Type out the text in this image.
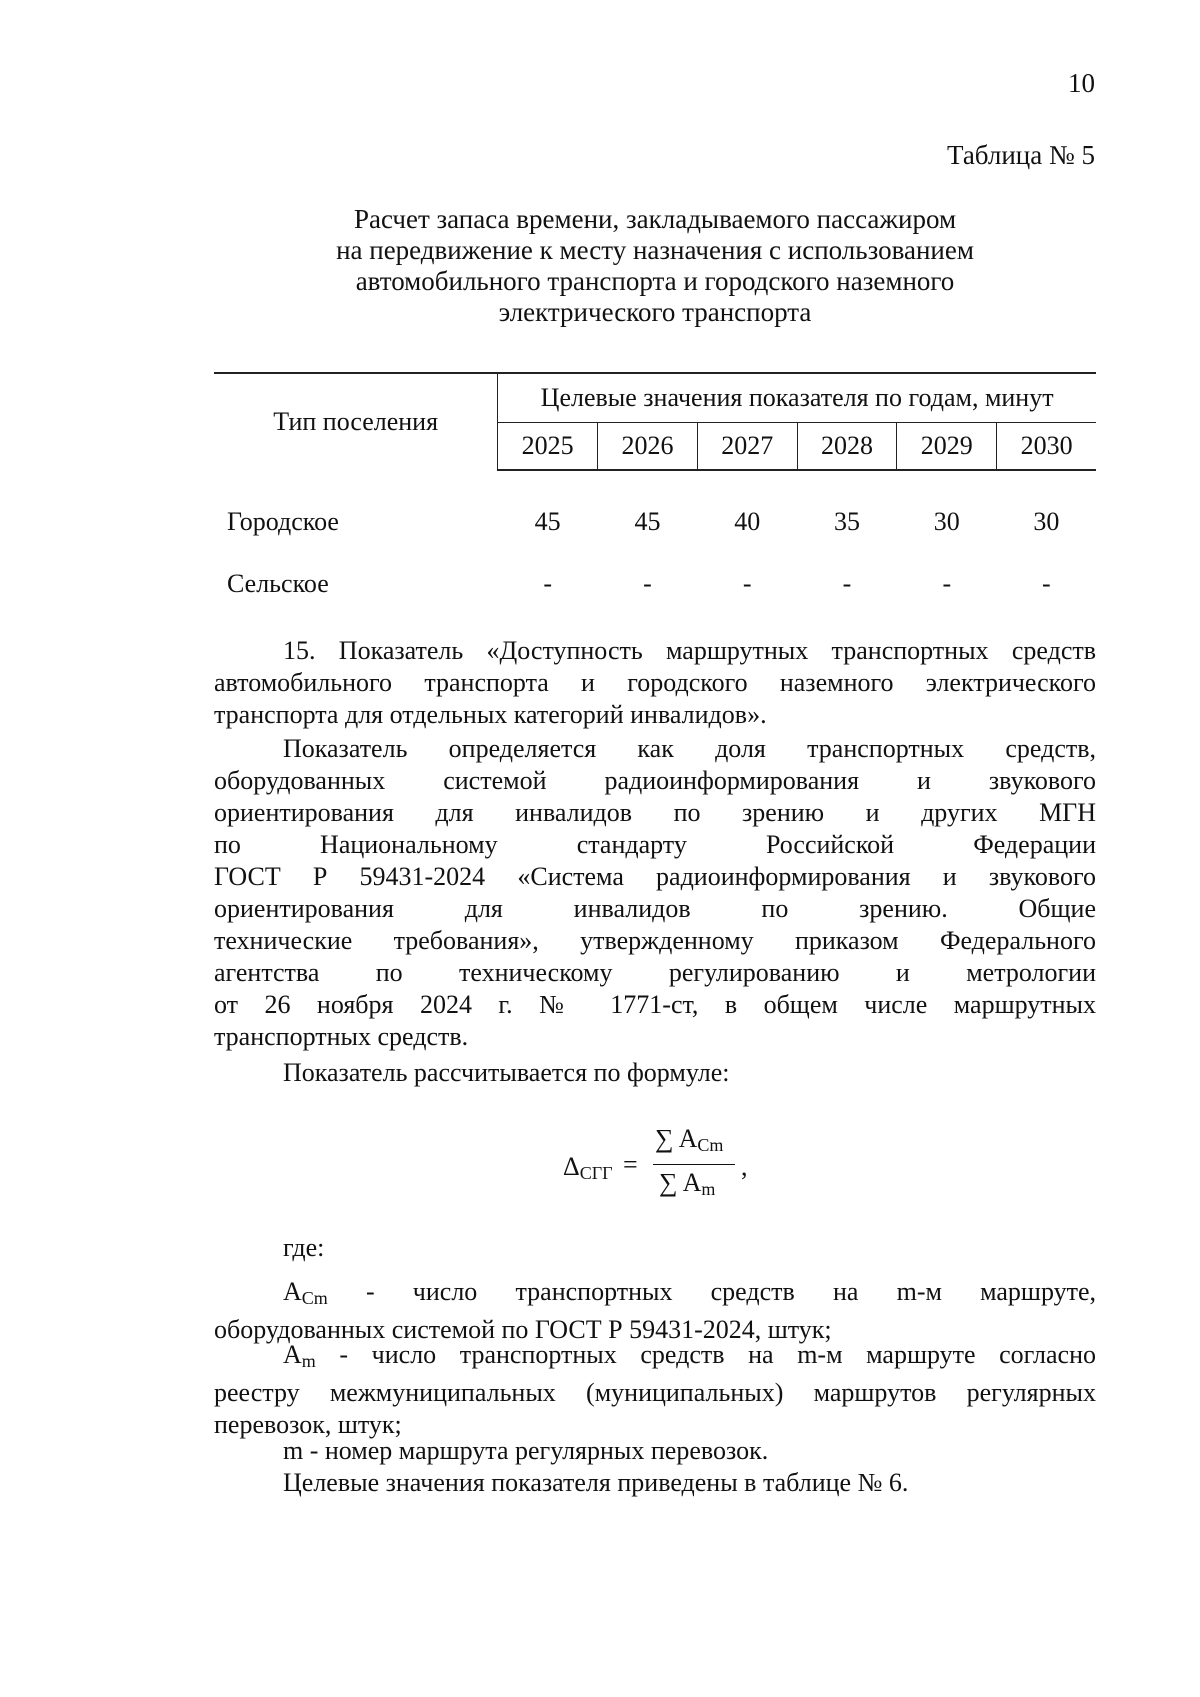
10
Таблица № 5
Расчет запаса времени, закладываемого пассажиром
на передвижение к месту назначения с использованием
автомобильного транспорта и городского наземного
электрического транспорта
Тип поселения	Целевые значения показателя по годам, минут					
	2025	2026	2027	2028	2029	2030
Городское	45	45	40	35	30	30
Сельское	-	-	-	-	-	-
15. Показатель «Доступность маршрутных транспортных средств
автомобильного транспорта и городского наземного электрического
транспорта для отдельных категорий инвалидов».
Показатель определяется как доля транспортных средств,
оборудованных системой радиоинформирования и звукового
ориентирования для инвалидов по зрению и других МГН
по Национальному стандарту Российской Федерации
ГОСТ Р 59431-2024 «Система радиоинформирования и звукового
ориентирования для инвалидов по зрению. Общие
технические требования», утвержденному приказом Федерального
агентства по техническому регулированию и метрологии
от 26 ноября 2024 г. № 1771-ст, в общем числе маршрутных
транспортных средств.
Показатель рассчитывается по формуле:
$\Delta_{СГГ}$ =
∑ $A_{Cm}$
∑ $A_m$
,
где:
$A_{Cm}$ - число транспортных средств на m-м маршруте,
оборудованных системой по ГОСТ Р 59431-2024, штук;
$A_m$ - число транспортных средств на m-м маршруте согласно
реестру межмуниципальных (муниципальных) маршрутов регулярных
перевозок, штук;
m - номер маршрута регулярных перевозок.
Целевые значения показателя приведены в таблице № 6.
